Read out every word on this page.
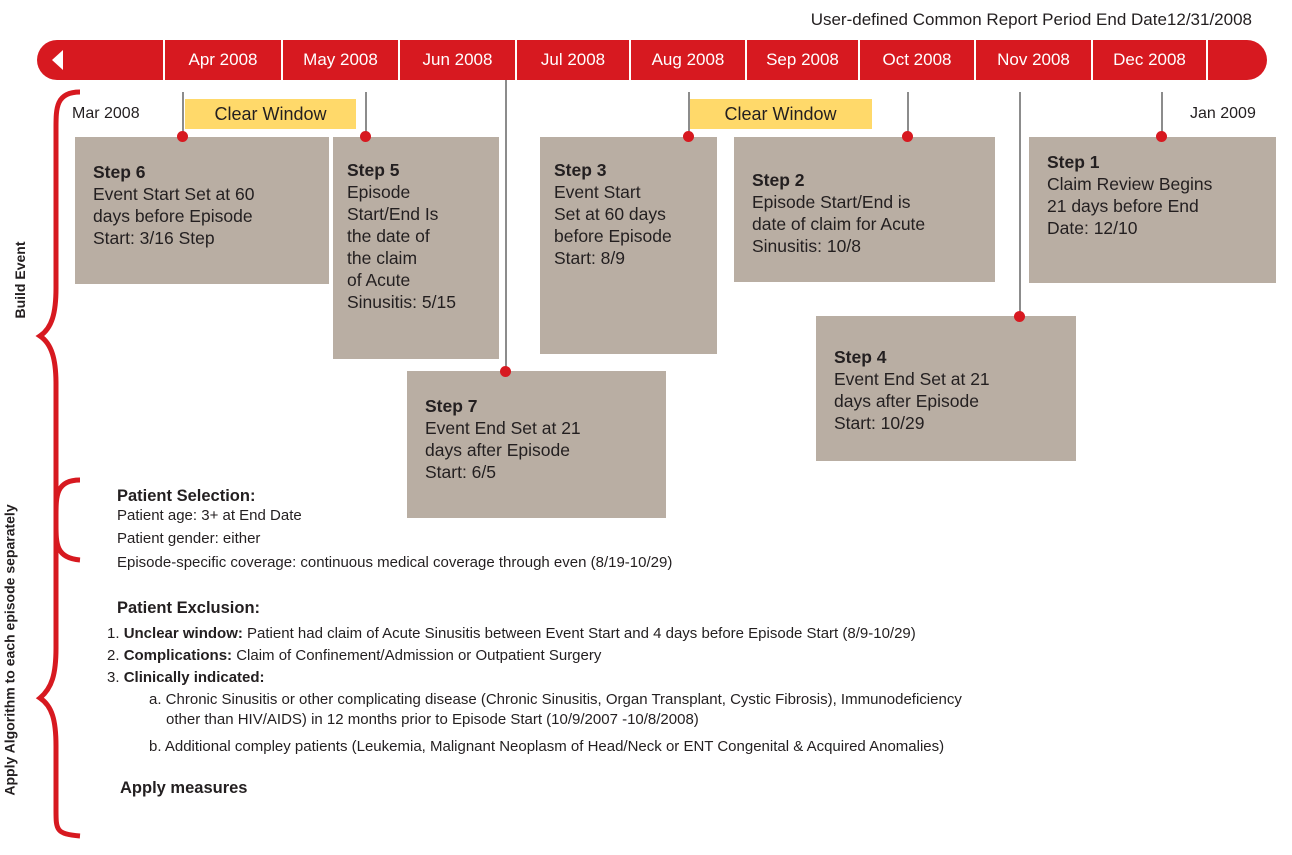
User-defined Common Report Period End Date12/31/2008
Apr 2008	May 2008	Jun 2008	Jul 2008	Aug 2008	Sep 2008	Oct 2008	Nov 2008	Dec 2008
Mar 2008	Jan 2009
Clear Window	Clear Window
Step 6
Event Start Set at 60
days before Episode
Start: 3/16 Step
Step 5
Episode
Start/End Is
the date of
the claim
of Acute
Sinusitis: 5/15
Step 7
Event End Set at 21
days after Episode
Start: 6/5
Step 3
Event Start
Set at 60 days
before Episode
Start: 8/9
Step 2
Episode Start/End is
date of claim for Acute
Sinusitis: 10/8
Step 4
Event End Set at 21
days after Episode
Start: 10/29
Step 1
Claim Review Begins
21 days before End
Date: 12/10
Build Event
Apply Algorithm to each episode separately
Patient Selection:
Patient age: 3+ at End Date
Patient gender: either
Episode-specific coverage: continuous medical coverage through even (8/19-10/29)
Patient Exclusion:
1. Unclear window: Patient had claim of Acute Sinusitis between Event Start and 4 days before Episode Start (8/9-10/29)
2. Complications: Claim of Confinement/Admission or Outpatient Surgery
3. Clinically indicated:
a. Chronic Sinusitis or other complicating disease (Chronic Sinusitis, Organ Transplant, Cystic Fibrosis), Immunodeficiency
other than HIV/AIDS) in 12 months prior to Episode Start (10/9/2007 -10/8/2008)
b. Additional compley patients (Leukemia, Malignant Neoplasm of Head/Neck or ENT Congenital & Acquired Anomalies)
Apply measures
